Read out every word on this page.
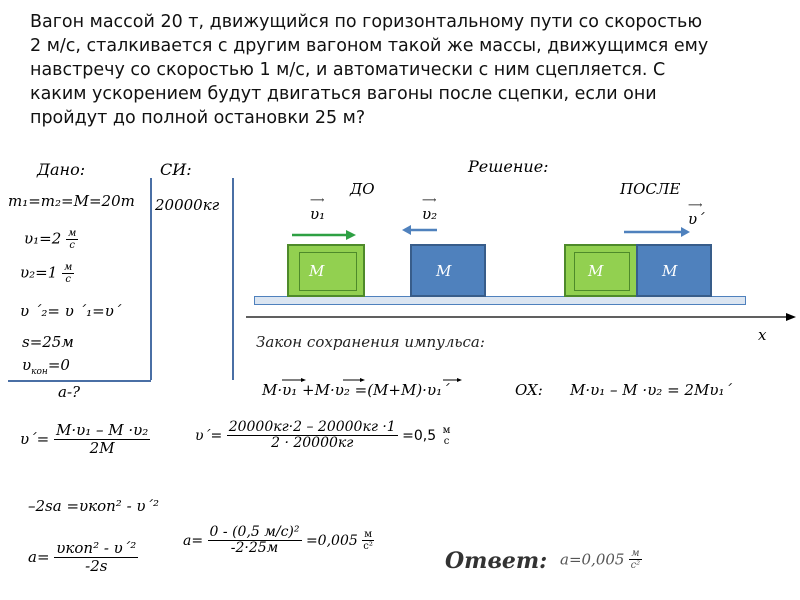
Вагон массой 20 т, движущийся по горизонтальному пути со скоростью
2 м/с, сталкивается с другим вагоном такой же массы, движущимся ему
навстречу со скоростью 1 м/с, и автоматически с ним сцепляется. С
каким ускорением будут двигаться вагоны после сцепки, если они
пройдут до полной остановки 25 м?
Дано:	СИ:
m₁=m₂=M=20т 20000кг
$\upsilon_1=2 \frac{м}{с}$
$\upsilon_2=1 \frac{м}{с}$
υ ´₂= υ ´₁=υ´
s=25м
$\upsilon_{кон}=0$
a-?
Решение:
ДО	ПОСЛЕ
⟶
υ₁
⟶
υ₂	⟶
υ´
M	M	M	M
x
Закон сохранения импульса:
M·υ₁ +M·υ₂ =(M+M)·υ₁´	OX: M·υ₁ – M ·υ₂ = 2Mυ₁´
υ´= $\frac{\text{M·υ₁ – M ·υ₂}}{2M}$	υ´= $\frac{20000кг\cdot 2 - 20000кг \cdot 1}{2 \cdot 20000кг} =0,5$ м
с
–2sa =υкоп² - υ´²
$a= \frac{\text{υкоп² - υ´²}}{-2s}$	$a= \frac{\text{0 - (0,5 м/с)²}}{-2\cdot 25м} =0,005 \frac{м}{\text{с²}}$
Ответ: $a=0,005 \frac{м}{\text{с²}}$
